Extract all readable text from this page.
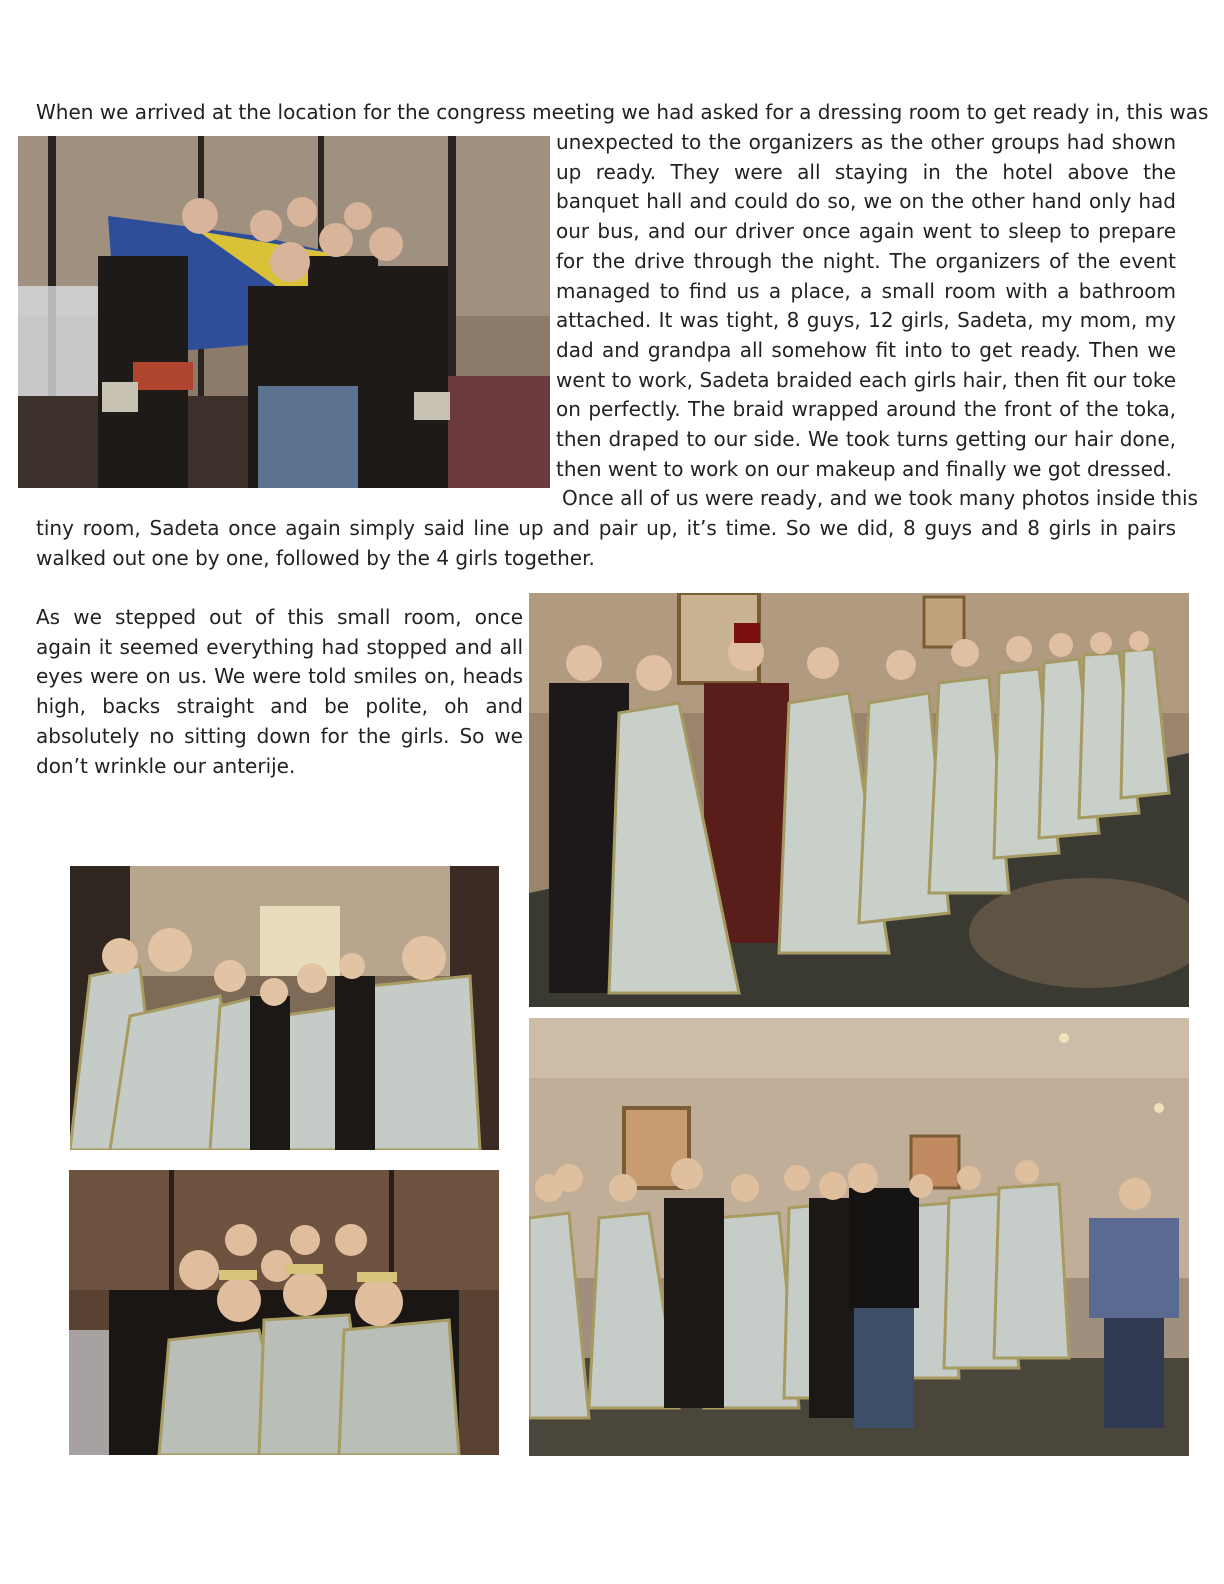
When we arrived at the location for the congress meeting we had asked for a dressing room to get ready in, this was

unexpected to the organizers as the other groups had shown up ready. They were all staying in the hotel above the banquet hall and could do so, we on the other hand only had our bus, and our driver once again went to sleep to prepare for the drive through the night. The organizers of the event managed to find us a place, a small room with a bathroom attached. It was tight, 8 guys, 12 girls, Sadeta, my mom, my dad and grandpa all somehow fit into to get ready. Then we went to work, Sadeta braided each girls hair, then fit our toke on perfectly. The braid wrapped around the front of the toka, then draped to our side. We took turns getting our hair done, then went to work on our makeup and finally we got dressed.

Once all of us were ready, and we took many photos inside this

tiny room, Sadeta once again simply said line up and pair up, it’s time. So we did, 8 guys and 8 girls in pairs walked out one by one, followed by the 4 girls together.

As we stepped out of this small room, once again it seemed everything had stopped and all eyes were on us. We were told smiles on, heads high, backs straight and be polite, oh and absolutely no sitting down for the girls. So we don’t wrinkle our anterije.
